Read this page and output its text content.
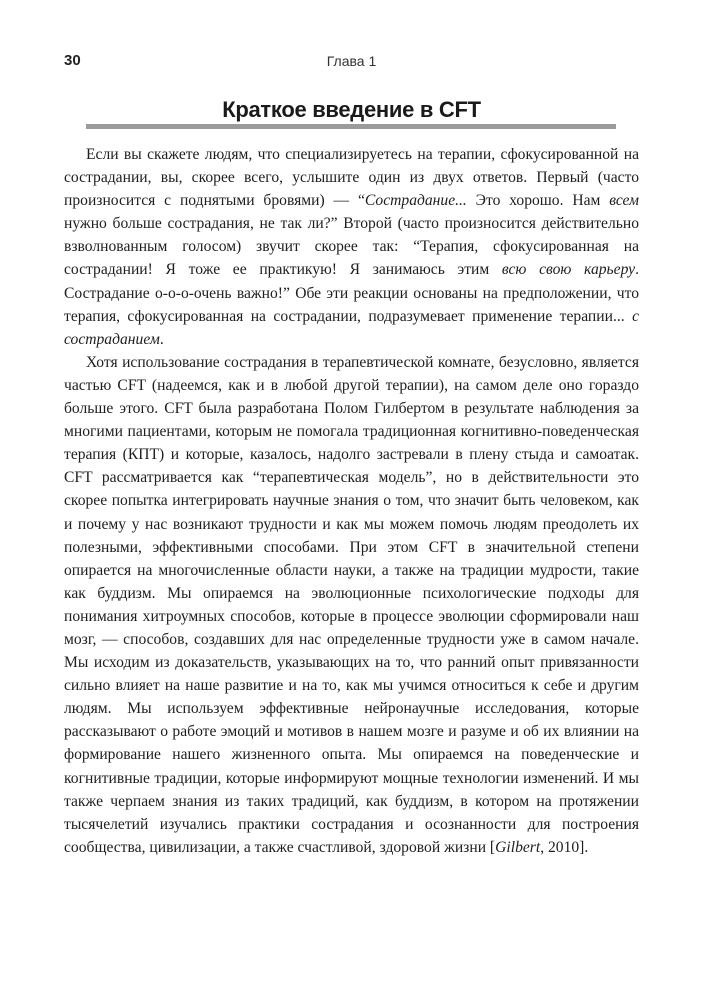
30	Глава 1
Краткое введение в CFT

Если вы скажете людям, что специализируетесь на терапии, сфокусированной на сострадании, вы, скорее всего, услышите один из двух ответов. Первый (часто произносится с поднятыми бровями) — “Сострадание... Это хорошо. Нам всем нужно больше сострадания, не так ли?” Второй (часто произносится действительно взволнованным голосом) звучит скорее так: “Терапия, сфокусированная на сострадании! Я тоже ее практикую! Я занимаюсь этим всю свою карьеру. Сострадание о-о-о-очень важно!” Обе эти реакции основаны на предположении, что терапия, сфокусированная на сострадании, подразумевает применение терапии... с состраданием.

Хотя использование сострадания в терапевтической комнате, безусловно, является частью CFT (надеемся, как и в любой другой терапии), на самом деле оно гораздо больше этого. CFT была разработана Полом Гилбертом в результате наблюдения за многими пациентами, которым не помогала традиционная когнитивно-поведенческая терапия (КПТ) и которые, казалось, надолго застревали в плену стыда и самоатак. CFT рассматривается как “терапевтическая модель”, но в действительности это скорее попытка интегрировать научные знания о том, что значит быть человеком, как и почему у нас возникают трудности и как мы можем помочь людям преодолеть их полезными, эффективными способами. При этом CFT в значительной степени опирается на многочисленные области науки, а также на традиции мудрости, такие как буддизм. Мы опираемся на эволюционные психологические подходы для понимания хитроумных способов, которые в процессе эволюции сформировали наш мозг, — способов, создавших для нас определенные трудности уже в самом начале. Мы исходим из доказательств, указывающих на то, что ранний опыт привязанности сильно влияет на наше развитие и на то, как мы учимся относиться к себе и другим людям. Мы используем эффективные нейронаучные исследования, которые рассказывают о работе эмоций и мотивов в нашем мозге и разуме и об их влиянии на формирование нашего жизненного опыта. Мы опираемся на поведенческие и когнитивные традиции, которые информируют мощные технологии изменений. И мы также черпаем знания из таких традиций, как буддизм, в котором на протяжении тысячелетий изучались практики сострадания и осознанности для построения сообщества, цивилизации, а также счастливой, здоровой жизни [Gilbert, 2010].
